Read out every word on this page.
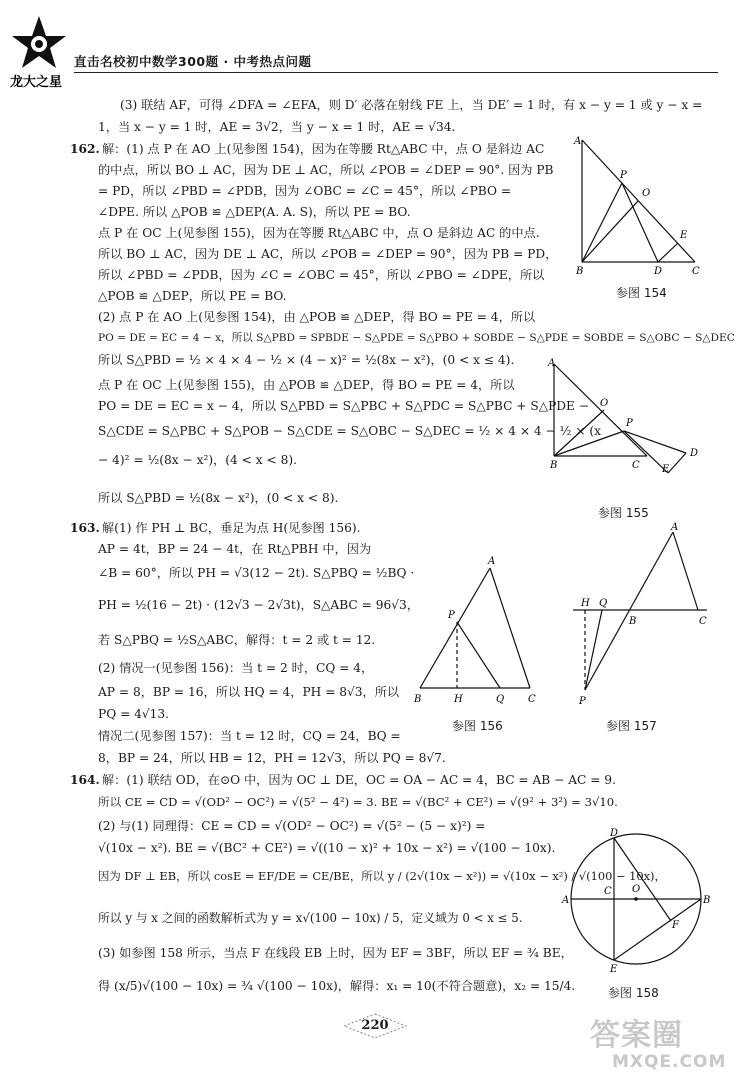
龙大之星
直击名校初中数学300题 · 中考热点问题
(3) 联结 AF，可得 ∠DFA = ∠EFA，则 D′ 必落在射线 FE 上，当 DE′ = 1 时，有 x − y = 1 或 y − x =
1，当 x − y = 1 时，AE = 3√2，当 y − x = 1 时，AE = √34.
162. 解：(1) 点 P 在 AO 上(见参图 154)，因为在等腰 Rt△ABC 中，点 O 是斜边 AC
的中点，所以 BO ⊥ AC，因为 DE ⊥ AC，所以 ∠POB = ∠DEP = 90°. 因为 PB
= PD，所以 ∠PBD = ∠PDB，因为 ∠OBC = ∠C = 45°，所以 ∠PBO =
∠DPE. 所以 △POB ≌ △DEP(A. A. S)，所以 PE = BO.
点 P 在 OC 上(见参图 155)，因为在等腰 Rt△ABC 中，点 O 是斜边 AC 的中点.
所以 BO ⊥ AC，因为 DE ⊥ AC，所以 ∠POB = ∠DEP = 90°，因为 PB = PD，
所以 ∠PBD = ∠PDB，因为 ∠C = ∠OBC = 45°，所以 ∠PBO = ∠DPE，所以
△POB ≌ △DEP，所以 PE = BO.
(2) 点 P 在 AO 上(见参图 154)，由 △POB ≌ △DEP，得 BO = PE = 4，所以
PO = DE = EC = 4 − x，所以 S△PBD = SPBDE − S△PDE = S△PBO + SOBDE − S△PDE = SOBDE = S△OBC − S△DEC
所以 S△PBD = ½ × 4 × 4 − ½ × (4 − x)² = ½(8x − x²)，(0 < x ≤ 4).
点 P 在 OC 上(见参图 155)，由 △POB ≌ △DEP，得 BO = PE = 4，所以
PO = DE = EC = x − 4，所以 S△PBD = S△PBC + S△PDC = S△PBC + S△PDE −
S△CDE = S△PBC + S△POB − S△CDE = S△OBC − S△DEC = ½ × 4 × 4 − ½ × (x
− 4)² = ½(8x − x²)，(4 < x < 8).
所以 S△PBD = ½(8x − x²)，(0 < x < 8).
163. 解(1) 作 PH ⊥ BC，垂足为点 H(见参图 156).
AP = 4t，BP = 24 − 4t，在 Rt△PBH 中，因为
∠B = 60°，所以 PH = √3(12 − 2t). S△PBQ = ½BQ ·
PH = ½(16 − 2t) · (12√3 − 2√3t)，S△ABC = 96√3，
若 S△PBQ = ½S△ABC，解得：t = 2 或 t = 12.
(2) 情况一(见参图 156)：当 t = 2 时，CQ = 4，
AP = 8，BP = 16，所以 HQ = 4，PH = 8√3，所以
PQ = 4√13.
情况二(见参图 157)：当 t = 12 时，CQ = 24，BQ =
8，BP = 24，所以 HB = 12，PH = 12√3，所以 PQ = 8√7.
164. 解：(1) 联结 OD，在⊙O 中，因为 OC ⊥ DE，OC = OA − AC = 4，BC = AB − AC = 9.
所以 CE = CD = √(OD² − OC²) = √(5² − 4²) = 3. BE = √(BC² + CE²) = √(9² + 3²) = 3√10.
(2) 与(1) 同理得：CE = CD = √(OD² − OC²) = √(5² − (5 − x)²) =
√(10x − x²). BE = √(BC² + CE²) = √((10 − x)² + 10x − x²) = √(100 − 10x).
因为 DF ⊥ EB，所以 cosE = EF/DE = CE/BE，所以 y / (2√(10x − x²)) = √(10x − x²) / √(100 − 10x)，
所以 y 与 x 之间的函数解析式为 y = x√(100 − 10x) / 5，定义域为 0 < x ≤ 5.
(3) 如参图 158 所示，当点 F 在线段 EB 上时，因为 EF = 3BF，所以 EF = ¾ BE，
得 (x/5)√(100 − 10x) = ¾ √(100 − 10x)，解得：x₁ = 10(不符合题意)，x₂ = 15/4.
A
P
O
E
B	D	C
参图 154
A
O
P
B	C
D
E
参图 155
A
P
B	H	Q C
参图 156
A
H Q
B	C
P
参图 157
D
A
C O
B
F
E
参图 158
220	答案圈
MXQE.COM
